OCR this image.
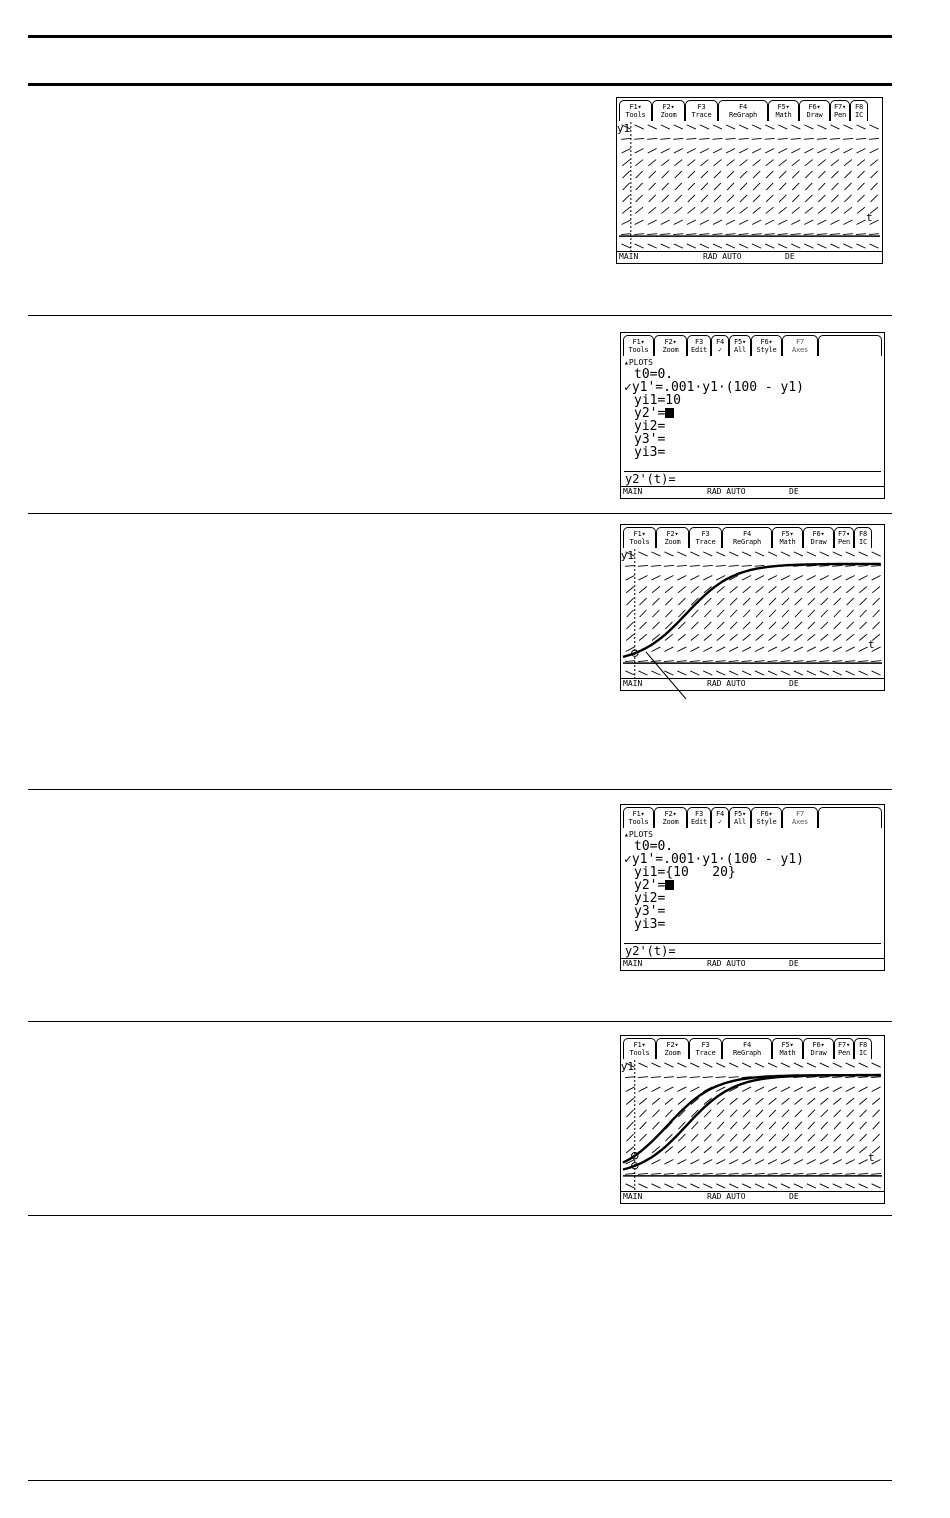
F1▾
Tools
F2▾
Zoom
F3
Trace
F4
ReGraph
F5▾
Math
F6▾
Draw
F7▾
Pen
F8
IC
y1
t
MAIN	RAD AUTO	DE
F1▾
Tools
F2▾
Zoom
F3
Edit
F4
✓
F5▾
All
F6▾
Style
F7
Axes
▴PLOTS
t0=0.
✓y1'=.001·y1·(100 - y1)
yi1=10
y2'=
yi2=
y3'=
yi3=
y2'(t)=
MAIN	RAD AUTO	DE
F1▾
Tools
F2▾
Zoom
F3
Trace
F4
ReGraph
F5▾
Math
F6▾
Draw
F7▾
Pen
F8
IC
y1
t
MAIN	RAD AUTO	DE
F1▾
Tools
F2▾
Zoom
F3
Edit
F4
✓
F5▾
All
F6▾
Style
F7
Axes
▴PLOTS
t0=0.
✓y1'=.001·y1·(100 - y1)
yi1={10   20}
y2'=
yi2=
y3'=
yi3=
y2'(t)=
MAIN	RAD AUTO	DE
F1▾
Tools
F2▾
Zoom
F3
Trace
F4
ReGraph
F5▾
Math
F6▾
Draw
F7▾
Pen
F8
IC
y1
t
MAIN	RAD AUTO	DE
